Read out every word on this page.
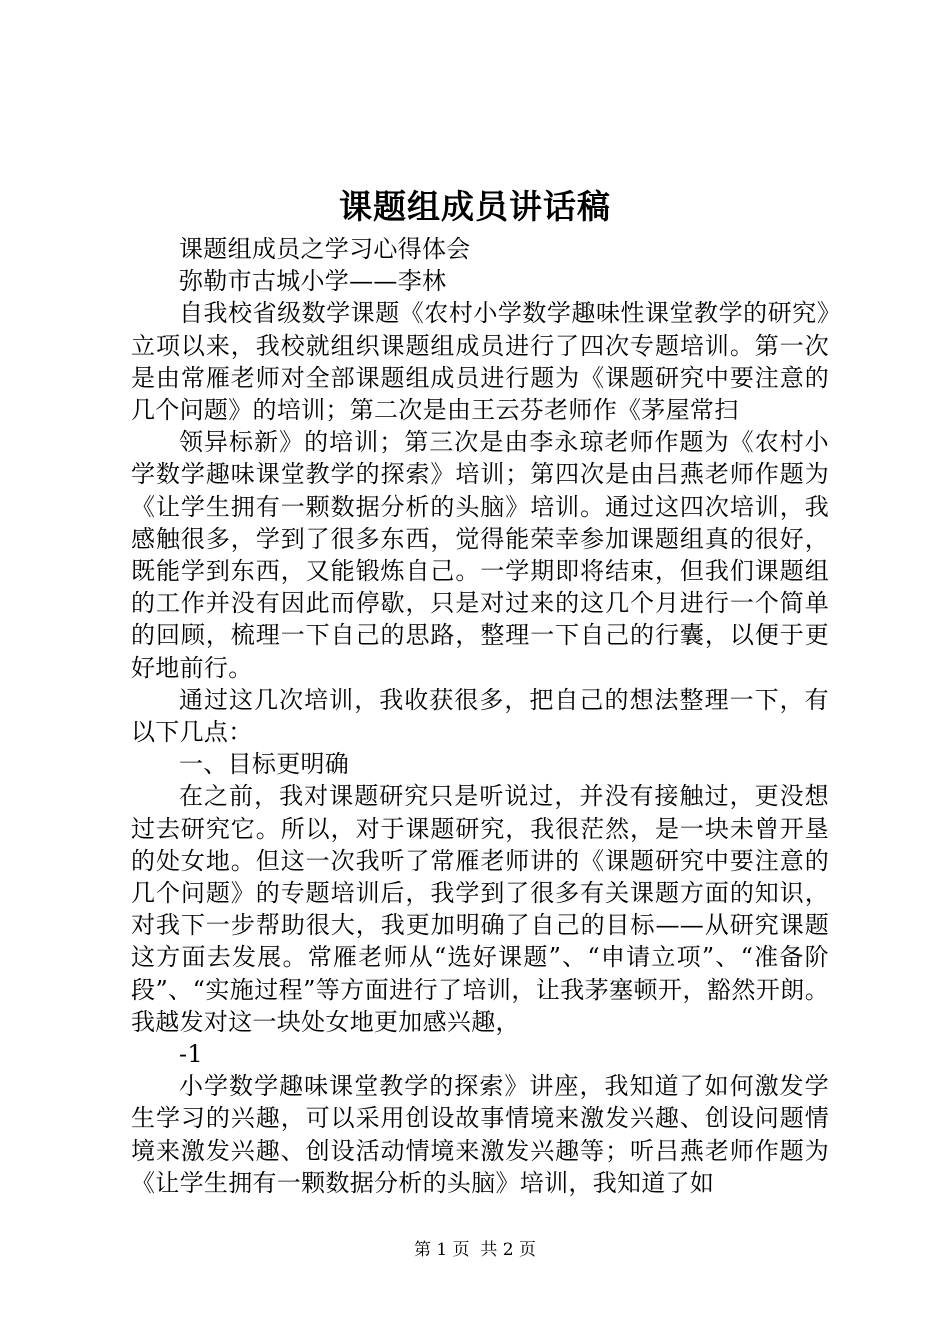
课题组成员讲话稿

课题组成员之学习心得体会

弥勒市古城小学——李林

自我校省级数学课题《农村小学数学趣味性课堂教学的研究》立项以来，我校就组织课题组成员进行了四次专题培训。第一次是由常雁老师对全部课题组成员进行题为《课题研究中要注意的几个问题》的培训；第二次是由王云芬老师作《茅屋常扫

领异标新》的培训；第三次是由李永琼老师作题为《农村小学数学趣味课堂教学的探索》培训；第四次是由吕燕老师作题为《让学生拥有一颗数据分析的头脑》培训。通过这四次培训，我感触很多，学到了很多东西，觉得能荣幸参加课题组真的很好，既能学到东西，又能锻炼自己。一学期即将结束，但我们课题组的工作并没有因此而停歇，只是对过来的这几个月进行一个简单的回顾，梳理一下自己的思路，整理一下自己的行囊，以便于更好地前行。

通过这几次培训，我收获很多，把自己的想法整理一下，有以下几点：

一、目标更明确

在之前，我对课题研究只是听说过，并没有接触过，更没想过去研究它。所以，对于课题研究，我很茫然，是一块未曾开垦的处女地。但这一次我听了常雁老师讲的《课题研究中要注意的几个问题》的专题培训后，我学到了很多有关课题方面的知识，对我下一步帮助很大，我更加明确了自己的目标——从研究课题这方面去发展。常雁老师从“选好课题”、“申请立项”、“准备阶段”、“实施过程”等方面进行了培训，让我茅塞顿开，豁然开朗。我越发对这一块处女地更加感兴趣，

-1

小学数学趣味课堂教学的探索》讲座，我知道了如何激发学生学习的兴趣，可以采用创设故事情境来激发兴趣、创设问题情境来激发兴趣、创设活动情境来激发兴趣等；听吕燕老师作题为《让学生拥有一颗数据分析的头脑》培训，我知道了如

第 1 页 共 2 页
